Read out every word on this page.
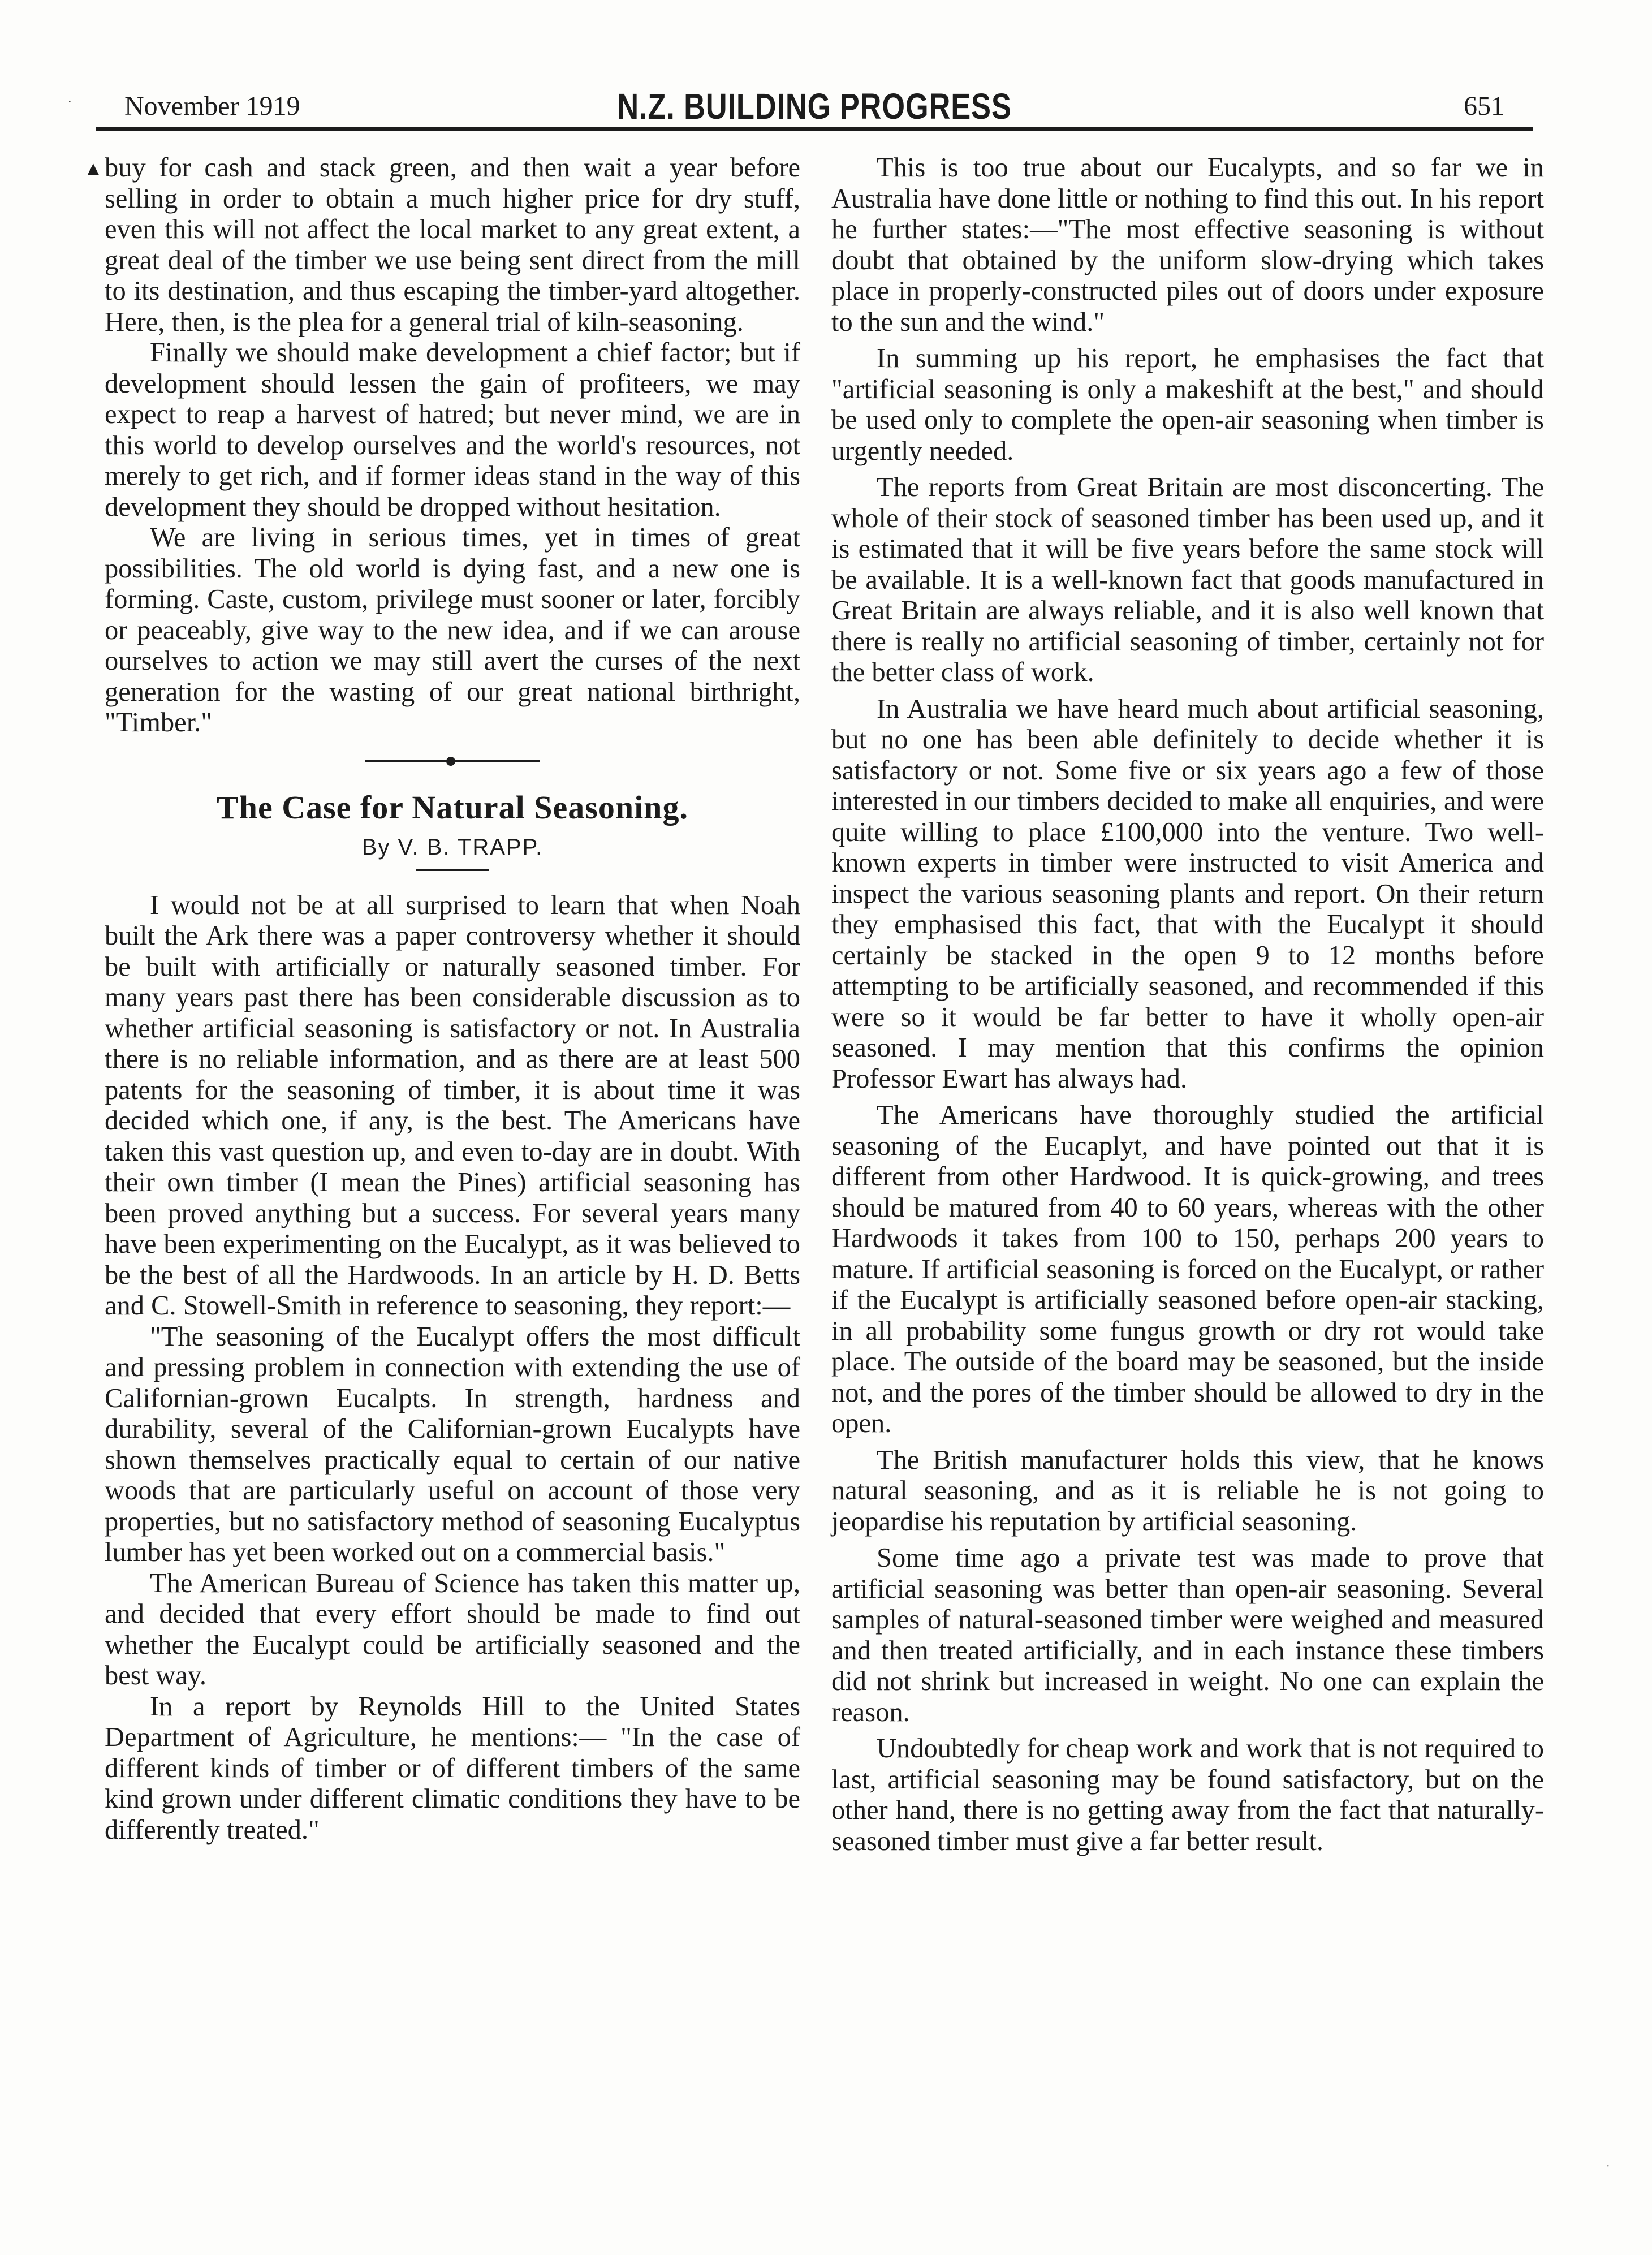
November 1919	N.Z. BUILDING PROGRESS	651
▲ buy for cash and stack green, and then wait a year before selling in order to obtain a much higher price for dry stuff, even this will not affect the local market to any great extent, a great deal of the timber we use being sent direct from the mill to its destination, and thus escaping the timber-yard altogether. Here, then, is the plea for a general trial of kiln-seasoning.

Finally we should make development a chief factor; but if development should lessen the gain of profiteers, we may expect to reap a harvest of hatred; but never mind, we are in this world to develop ourselves and the world's resources, not merely to get rich, and if former ideas stand in the way of this development they should be dropped without hesitation.

We are living in serious times, yet in times of great possibilities. The old world is dying fast, and a new one is forming. Caste, custom, privilege must sooner or later, forcibly or peaceably, give way to the new idea, and if we can arouse ourselves to action we may still avert the curses of the next generation for the wasting of our great national birthright, "Timber."

The Case for Natural Seasoning.
By V. B. TRAPP.

I would not be at all surprised to learn that when Noah built the Ark there was a paper controversy whether it should be built with artificially or naturally seasoned timber. For many years past there has been considerable discussion as to whether artificial seasoning is satisfactory or not. In Australia there is no reliable information, and as there are at least 500 patents for the seasoning of timber, it is about time it was decided which one, if any, is the best. The Americans have taken this vast question up, and even to-day are in doubt. With their own timber (I mean the Pines) artificial seasoning has been proved anything but a success. For several years many have been experimenting on the Eucalypt, as it was believed to be the best of all the Hardwoods. In an article by H. D. Betts and C. Stowell-Smith in reference to seasoning, they report:—

"The seasoning of the Eucalypt offers the most difficult and pressing problem in connection with extending the use of Californian-grown Eucalpts. In strength, hardness and durability, several of the Californian-grown Eucalypts have shown themselves practically equal to certain of our native woods that are particularly useful on account of those very properties, but no satisfactory method of seasoning Eucalyptus lumber has yet been worked out on a commercial basis."

The American Bureau of Science has taken this matter up, and decided that every effort should be made to find out whether the Eucalypt could be artificially seasoned and the best way.

In a report by Reynolds Hill to the United States Department of Agriculture, he mentions:— "In the case of different kinds of timber or of different timbers of the same kind grown under different climatic conditions they have to be differently treated."

This is too true about our Eucalypts, and so far we in Australia have done little or nothing to find this out. In his report he further states:—"The most effective seasoning is without doubt that obtained by the uniform slow-drying which takes place in properly-constructed piles out of doors under exposure to the sun and the wind."

In summing up his report, he emphasises the fact that "artificial seasoning is only a makeshift at the best," and should be used only to complete the open-air seasoning when timber is urgently needed.

The reports from Great Britain are most disconcerting. The whole of their stock of seasoned timber has been used up, and it is estimated that it will be five years before the same stock will be available. It is a well-known fact that goods manufactured in Great Britain are always reliable, and it is also well known that there is really no artificial seasoning of timber, certainly not for the better class of work.

In Australia we have heard much about artificial seasoning, but no one has been able definitely to decide whether it is satisfactory or not. Some five or six years ago a few of those interested in our timbers decided to make all enquiries, and were quite willing to place £100,000 into the venture. Two well-known experts in timber were instructed to visit America and inspect the various seasoning plants and report. On their return they emphasised this fact, that with the Eucalypt it should certainly be stacked in the open 9 to 12 months before attempting to be artificially seasoned, and recommended if this were so it would be far better to have it wholly open-air seasoned. I may mention that this confirms the opinion Professor Ewart has always had.

The Americans have thoroughly studied the artificial seasoning of the Eucaplyt, and have pointed out that it is different from other Hardwood. It is quick-growing, and trees should be matured from 40 to 60 years, whereas with the other Hardwoods it takes from 100 to 150, perhaps 200 years to mature. If artificial seasoning is forced on the Eucalypt, or rather if the Eucalypt is artificially seasoned before open-air stacking, in all probability some fungus growth or dry rot would take place. The outside of the board may be seasoned, but the inside not, and the pores of the timber should be allowed to dry in the open.

The British manufacturer holds this view, that he knows natural seasoning, and as it is reliable he is not going to jeopardise his reputation by artificial seasoning.

Some time ago a private test was made to prove that artificial seasoning was better than open-air seasoning. Several samples of natural-seasoned timber were weighed and measured and then treated artificially, and in each instance these timbers did not shrink but increased in weight. No one can explain the reason.

Undoubtedly for cheap work and work that is not required to last, artificial seasoning may be found satisfactory, but on the other hand, there is no getting away from the fact that naturally-seasoned timber must give a far better result.

·
·
